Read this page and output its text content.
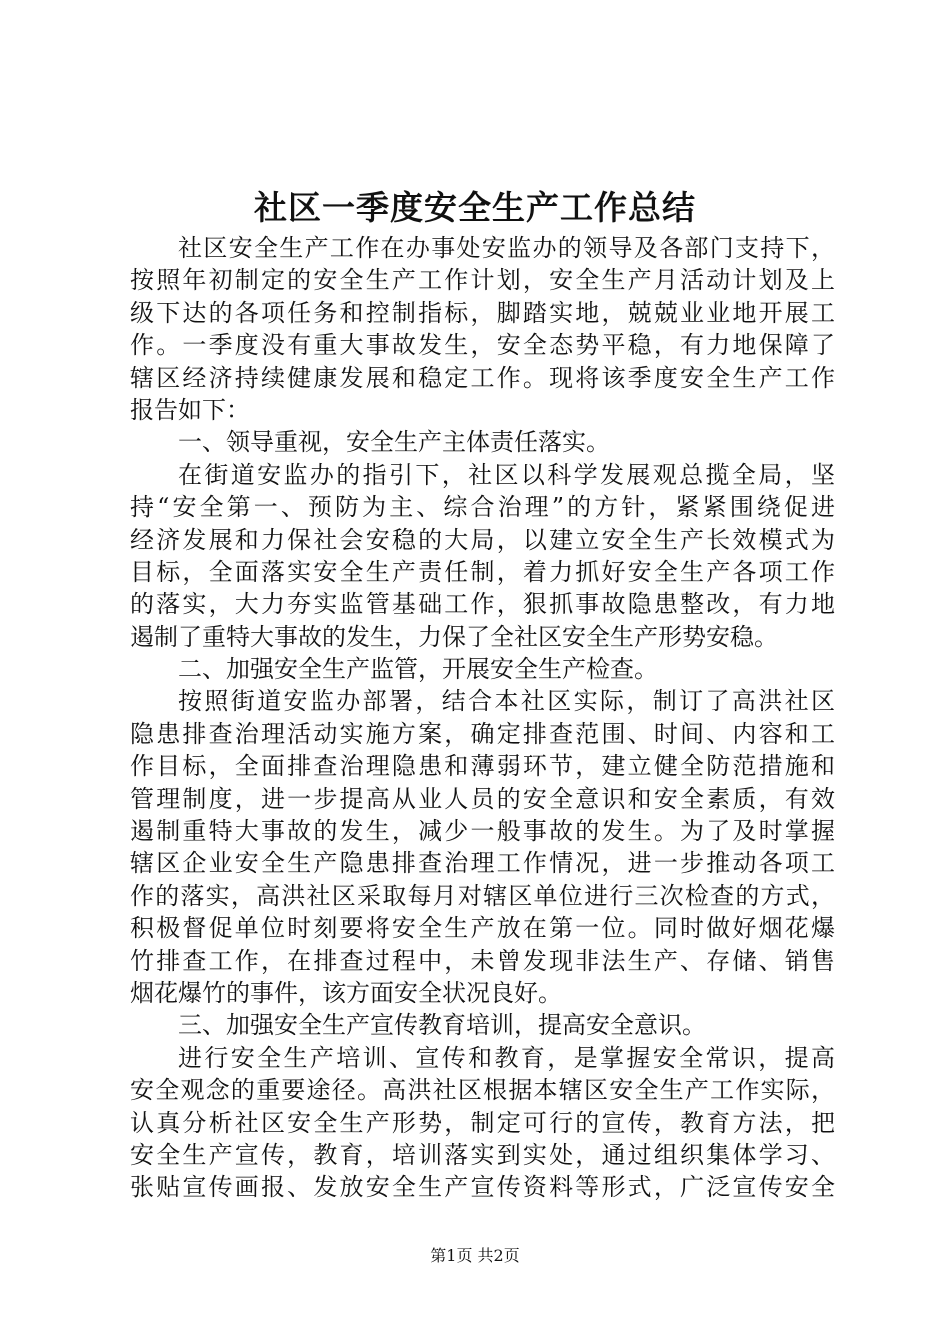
社区一季度安全生产工作总结
社区安全生产工作在办事处安监办的领导及各部门支持下，
按照年初制定的安全生产工作计划，安全生产月活动计划及上
级下达的各项任务和控制指标，脚踏实地，兢兢业业地开展工
作。一季度没有重大事故发生，安全态势平稳，有力地保障了
辖区经济持续健康发展和稳定工作。现将该季度安全生产工作
报告如下：
一、领导重视，安全生产主体责任落实。
在街道安监办的指引下，社区以科学发展观总揽全局，坚
持“安全第一、预防为主、综合治理”的方针，紧紧围绕促进
经济发展和力保社会安稳的大局，以建立安全生产长效模式为
目标，全面落实安全生产责任制，着力抓好安全生产各项工作
的落实，大力夯实监管基础工作，狠抓事故隐患整改，有力地
遏制了重特大事故的发生，力保了全社区安全生产形势安稳。
二、加强安全生产监管，开展安全生产检查。
按照街道安监办部署，结合本社区实际，制订了高洪社区
隐患排查治理活动实施方案，确定排查范围、时间、内容和工
作目标，全面排查治理隐患和薄弱环节，建立健全防范措施和
管理制度，进一步提高从业人员的安全意识和安全素质，有效
遏制重特大事故的发生，减少一般事故的发生。为了及时掌握
辖区企业安全生产隐患排查治理工作情况，进一步推动各项工
作的落实，高洪社区采取每月对辖区单位进行三次检查的方式，
积极督促单位时刻要将安全生产放在第一位。同时做好烟花爆
竹排查工作，在排查过程中，未曾发现非法生产、存储、销售
烟花爆竹的事件，该方面安全状况良好。
三、加强安全生产宣传教育培训，提高安全意识。
进行安全生产培训、宣传和教育，是掌握安全常识，提高
安全观念的重要途径。高洪社区根据本辖区安全生产工作实际，
认真分析社区安全生产形势，制定可行的宣传，教育方法，把
安全生产宣传，教育，培训落实到实处，通过组织集体学习、
张贴宣传画报、发放安全生产宣传资料等形式，广泛宣传安全
第1页 共2页
